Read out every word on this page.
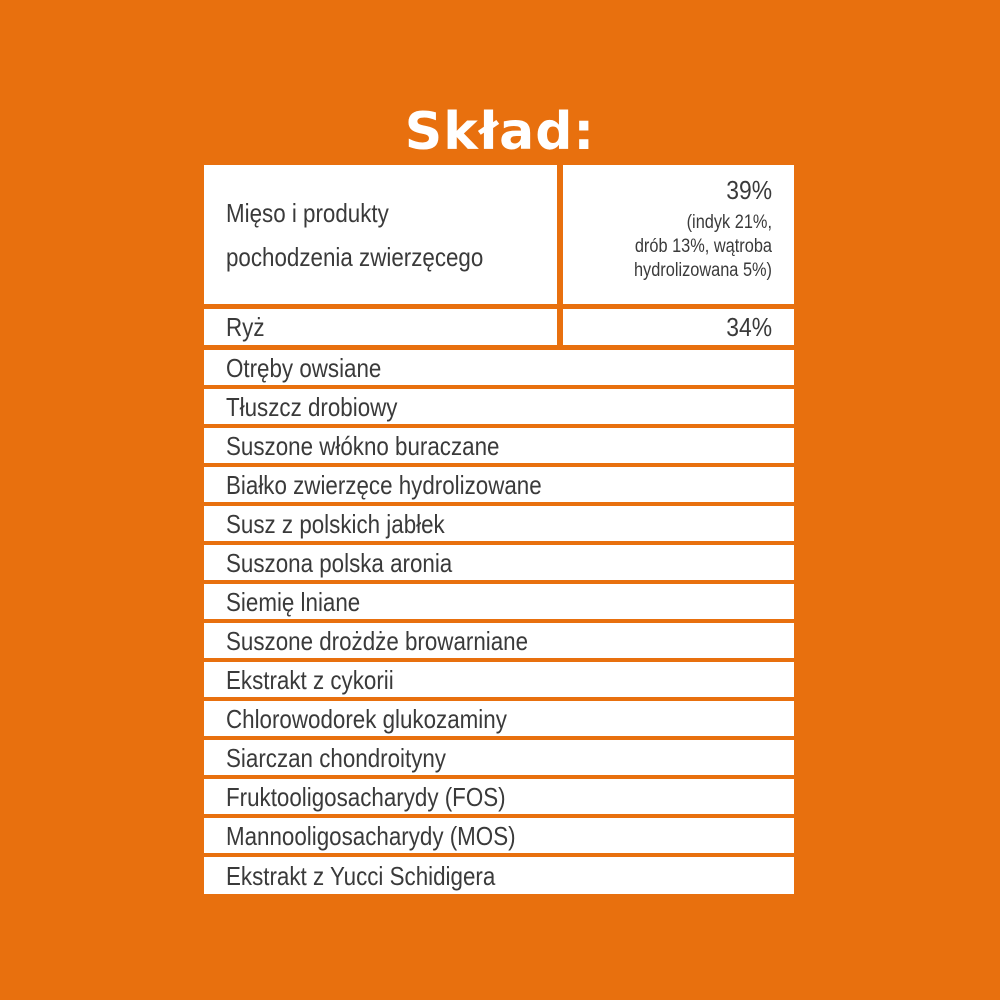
Skład:
Mięso i produkty pochodzenia zwierzęcego
39%
(indyk 21%,
drób 13%, wątroba
hydrolizowana 5%)
Ryż	34%
Otręby owsiane
Tłuszcz drobiowy
Suszone włókno buraczane
Białko zwierzęce hydrolizowane
Susz z polskich jabłek
Suszona polska aronia
Siemię lniane
Suszone drożdże browarniane
Ekstrakt z cykorii
Chlorowodorek glukozaminy
Siarczan chondroityny
Fruktooligosacharydy (FOS)
Mannooligosacharydy (MOS)
Ekstrakt z Yucci Schidigera
